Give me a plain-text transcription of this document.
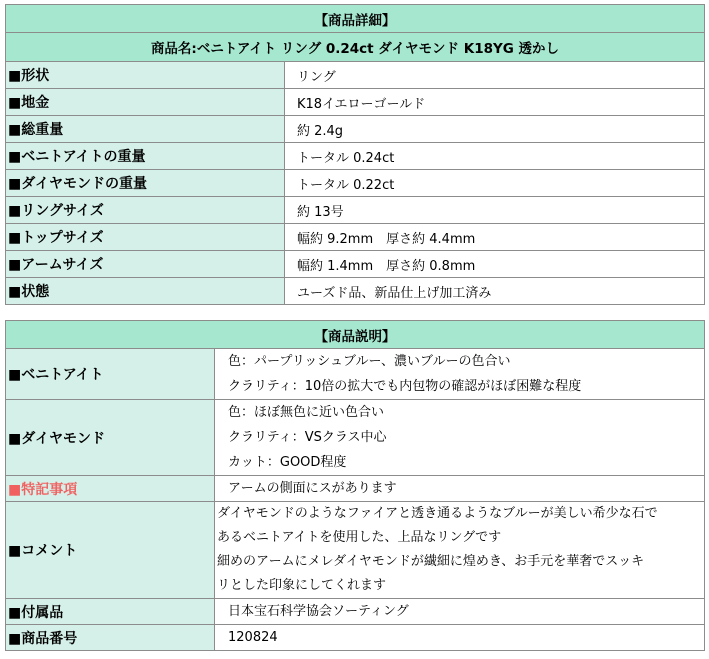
【商品詳細】	
商品名:ベニトアイト リング 0.24ct ダイヤモンド K18YG 透かし	
■形状	リング
■地金	K18イエローゴールド
■総重量	約 2.4g
■ベニトアイトの重量	トータル 0.24ct
■ダイヤモンドの重量	トータル 0.22ct
■リングサイズ	約 13号
■トップサイズ	幅約 9.2mm　厚さ約 4.4mm
■アームサイズ	幅約 1.4mm　厚さ約 0.8mm
■状態	ユーズド品、新品仕上げ加工済み
【商品説明】	
■ベニトアイト	色：パープリッシュブルー、濃いブルーの色合い
クラリティ：10倍の拡大でも内包物の確認がほぼ困難な程度

■ダイヤモンド	色：ほぼ無色に近い色合い
クラリティ：VSクラス中心
カット：GOOD程度

■特記事項	アームの側面にスがあります
■コメント	ダイヤモンドのようなファイアと透き通るようなブルーが美しい希少な石で
あるベニトアイトを使用した、上品なリングです
細めのアームにメレダイヤモンドが繊細に煌めき、お手元を華奢でスッキ
リとした印象にしてくれます

■付属品	日本宝石科学協会ソーティング
■商品番号	120824
